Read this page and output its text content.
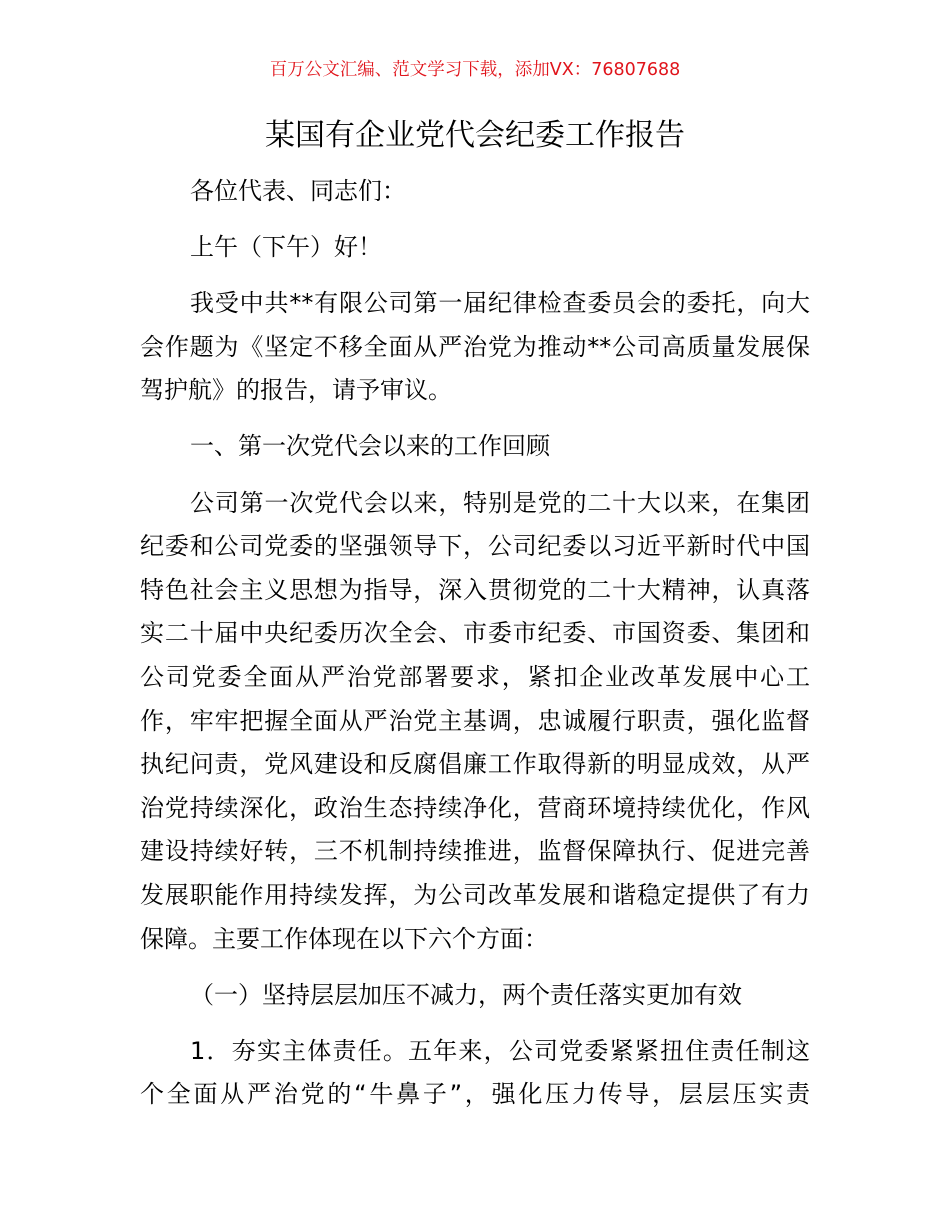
百万公文汇编、范文学习下载，添加VX：76807688
某国有企业党代会纪委工作报告
各位代表、同志们：
上午（下午）好！
我受中共**有限公司第一届纪律检查委员会的委托，向大
会作题为《坚定不移全面从严治党为推动**公司高质量发展保
驾护航》的报告，请予审议。
一、第一次党代会以来的工作回顾
公司第一次党代会以来，特别是党的二十大以来，在集团
纪委和公司党委的坚强领导下，公司纪委以习近平新时代中国
特色社会主义思想为指导，深入贯彻党的二十大精神，认真落
实二十届中央纪委历次全会、市委市纪委、市国资委、集团和
公司党委全面从严治党部署要求，紧扣企业改革发展中心工
作，牢牢把握全面从严治党主基调，忠诚履行职责，强化监督
执纪问责，党风建设和反腐倡廉工作取得新的明显成效，从严
治党持续深化，政治生态持续净化，营商环境持续优化，作风
建设持续好转，三不机制持续推进，监督保障执行、促进完善
发展职能作用持续发挥，为公司改革发展和谐稳定提供了有力
保障。主要工作体现在以下六个方面：
（一）坚持层层加压不减力，两个责任落实更加有效
1．夯实主体责任。五年来，公司党委紧紧扭住责任制这
个全面从严治党的“牛鼻子”，强化压力传导，层层压实责
